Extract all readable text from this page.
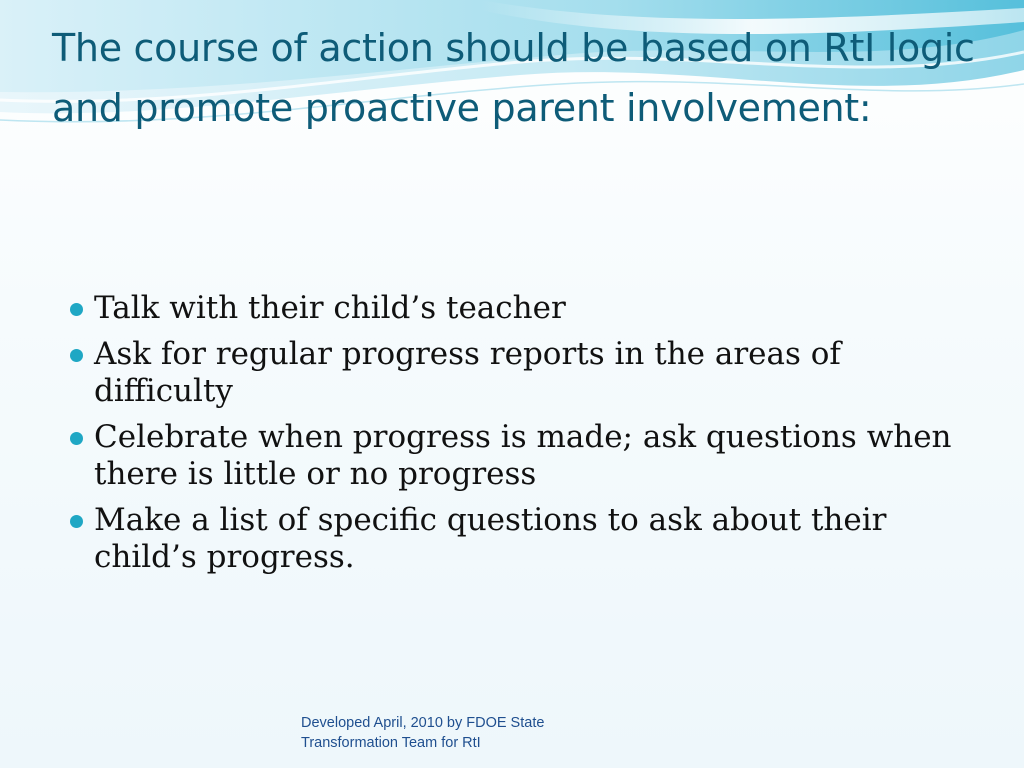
The course of action should be based on RtI logic and promote proactive parent involvement:
Talk with their child’s teacher
Ask for regular progress reports in the areas of difficulty
Celebrate when progress is made; ask questions when there is little or no progress
Make a list of specific questions to ask about their child’s progress.
Developed April, 2010 by FDOE State
Transformation Team for RtI
